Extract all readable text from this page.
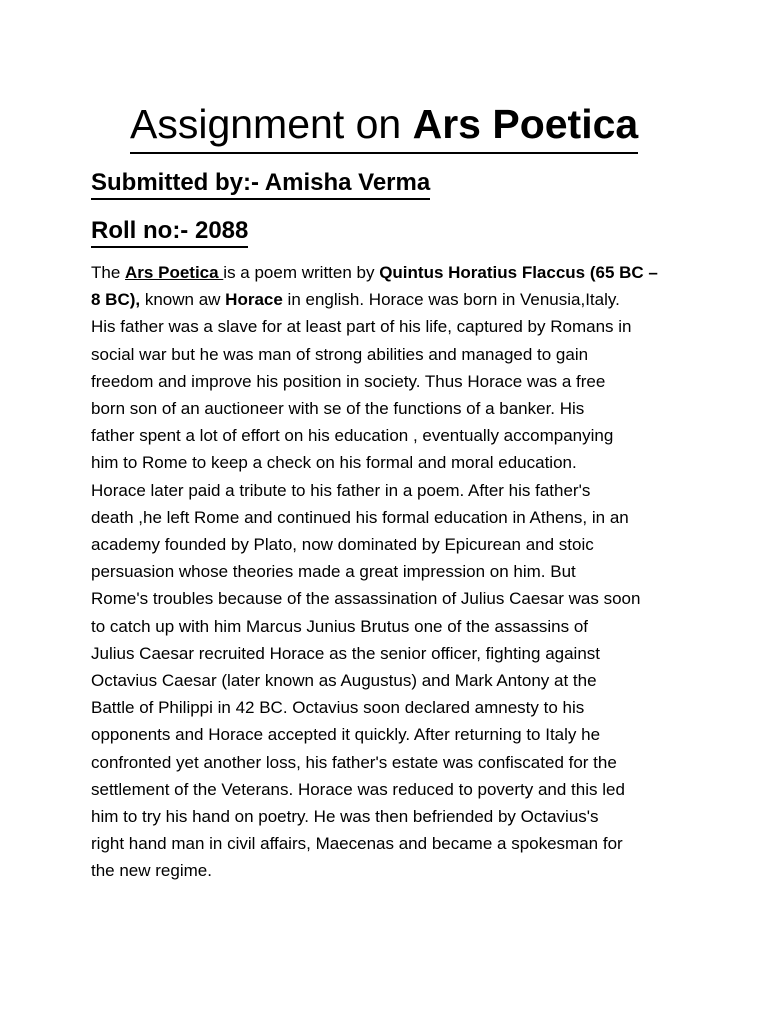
Assignment on Ars Poetica
Submitted by:- Amisha Verma
Roll no:- 2088
The Ars Poetica is a poem written by Quintus Horatius Flaccus (65 BC –
8 BC), known aw Horace in english. Horace was born in Venusia,Italy.
His father was a slave for at least part of his life, captured by Romans in
social war but he was man of strong abilities and managed to gain
freedom and improve his position in society. Thus Horace was a free
born son of an auctioneer with se of the functions of a banker. His
father spent a lot of effort on his education , eventually accompanying
him to Rome to keep a check on his formal and moral education.
Horace later paid a tribute to his father in a poem. After his father's
death ,he left Rome and continued his formal education in Athens, in an
academy founded by Plato, now dominated by Epicurean and stoic
persuasion whose theories made a great impression on him. But
Rome's troubles because of the assassination of Julius Caesar was soon
to catch up with him Marcus Junius Brutus one of the assassins of
Julius Caesar recruited Horace as the senior officer, fighting against
Octavius Caesar (later known as Augustus) and Mark Antony at the
Battle of Philippi in 42 BC. Octavius soon declared amnesty to his
opponents and Horace accepted it quickly. After returning to Italy he
confronted yet another loss, his father's estate was confiscated for the
settlement of the Veterans. Horace was reduced to poverty and this led
him to try his hand on poetry. He was then befriended by Octavius's
right hand man in civil affairs, Maecenas and became a spokesman for
the new regime.
